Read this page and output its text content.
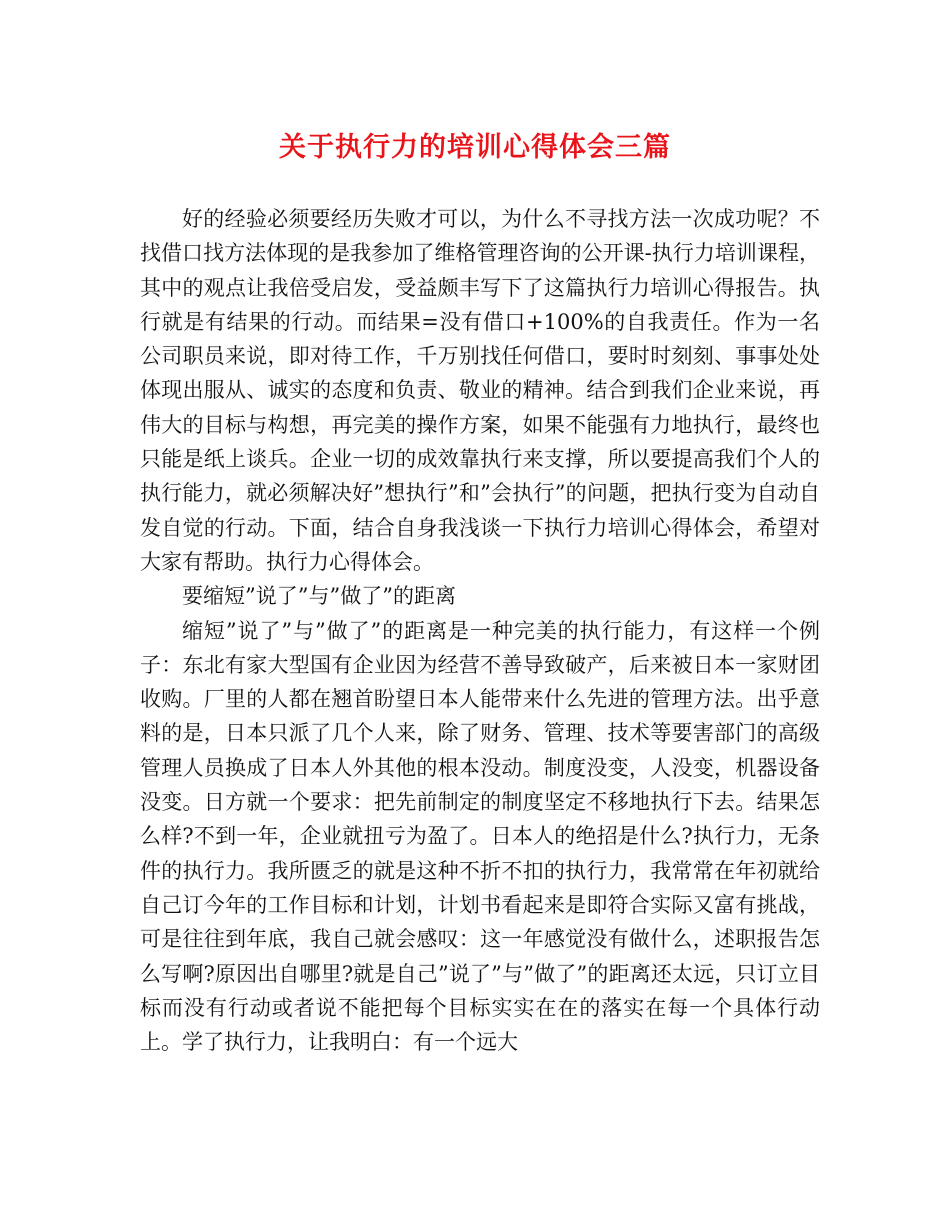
关于执行力的培训心得体会三篇

好的经验必须要经历失败才可以，为什么不寻找方法一次成功呢？不找借口找方法体现的是我参加了维格管理咨询的公开课-执行力培训课程，其中的观点让我倍受启发，受益颇丰写下了这篇执行力培训心得报告。执行就是有结果的行动。而结果=没有借口+100%的自我责任。作为一名公司职员来说，即对待工作，千万别找任何借口，要时时刻刻、事事处处体现出服从、诚实的态度和负责、敬业的精神。结合到我们企业来说，再伟大的目标与构想，再完美的操作方案，如果不能强有力地执行，最终也只能是纸上谈兵。企业一切的成效靠执行来支撑，所以要提高我们个人的执行能力，就必须解决好”想执行”和”会执行”的问题，把执行变为自动自发自觉的行动。下面，结合自身我浅谈一下执行力培训心得体会，希望对大家有帮助。执行力心得体会。

要缩短”说了”与”做了”的距离

缩短”说了”与”做了”的距离是一种完美的执行能力，有这样一个例子：东北有家大型国有企业因为经营不善导致破产，后来被日本一家财团收购。厂里的人都在翘首盼望日本人能带来什么先进的管理方法。出乎意料的是，日本只派了几个人来，除了财务、管理、技术等要害部门的高级管理人员换成了日本人外其他的根本没动。制度没变，人没变，机器设备没变。日方就一个要求：把先前制定的制度坚定不移地执行下去。结果怎么样?不到一年，企业就扭亏为盈了。日本人的绝招是什么?执行力，无条件的执行力。我所匮乏的就是这种不折不扣的执行力，我常常在年初就给自己订今年的工作目标和计划，计划书看起来是即符合实际又富有挑战，可是往往到年底，我自己就会感叹：这一年感觉没有做什么，述职报告怎么写啊?原因出自哪里?就是自己”说了”与”做了”的距离还太远，只订立目标而没有行动或者说不能把每个目标实实在在的落实在每一个具体行动上。学了执行力，让我明白：有一个远大
